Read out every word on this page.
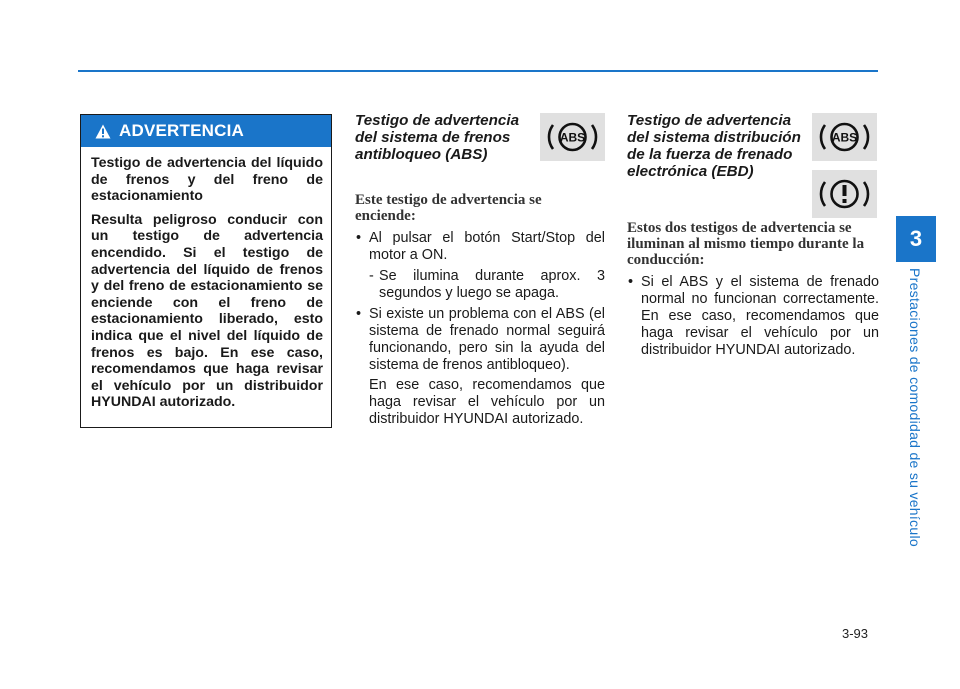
3
Prestaciones de comodidad de su vehículo
ADVERTENCIA

Testigo de advertencia del líquido de frenos y del freno de estacionamiento

Resulta peligroso conducir con un testigo de advertencia encendido. Si el testigo de advertencia del líquido de frenos y del freno de estacionamiento se enciende con el freno de estacionamiento liberado, esto indica que el nivel del líquido de frenos es bajo. En ese caso, recomendamos que haga revisar el vehículo por un distribuidor HYUNDAI autorizado.

Testigo de advertencia del sistema de frenos antibloqueo (ABS)

Este testigo de advertencia se enciende:

• Al pulsar el botón Start/Stop del motor a ON.

- Se ilumina durante aprox. 3 segundos y luego se apaga.

• Si existe un problema con el ABS (el sistema de frenado normal seguirá funcionando, pero sin la ayuda del sistema de frenos antibloqueo).

En ese caso, recomendamos que haga revisar el vehículo por un distribuidor HYUNDAI autorizado.

ABS

Testigo de advertencia del sistema distribución de la fuerza de frenado electrónica (EBD)

Estos dos testigos de advertencia se iluminan al mismo tiempo durante la conducción:

• Si el ABS y el sistema de frenado normal no funcionan correctamente. En ese caso, recomendamos que haga revisar el vehículo por un distribuidor HYUNDAI autorizado.

ABS
3-93
